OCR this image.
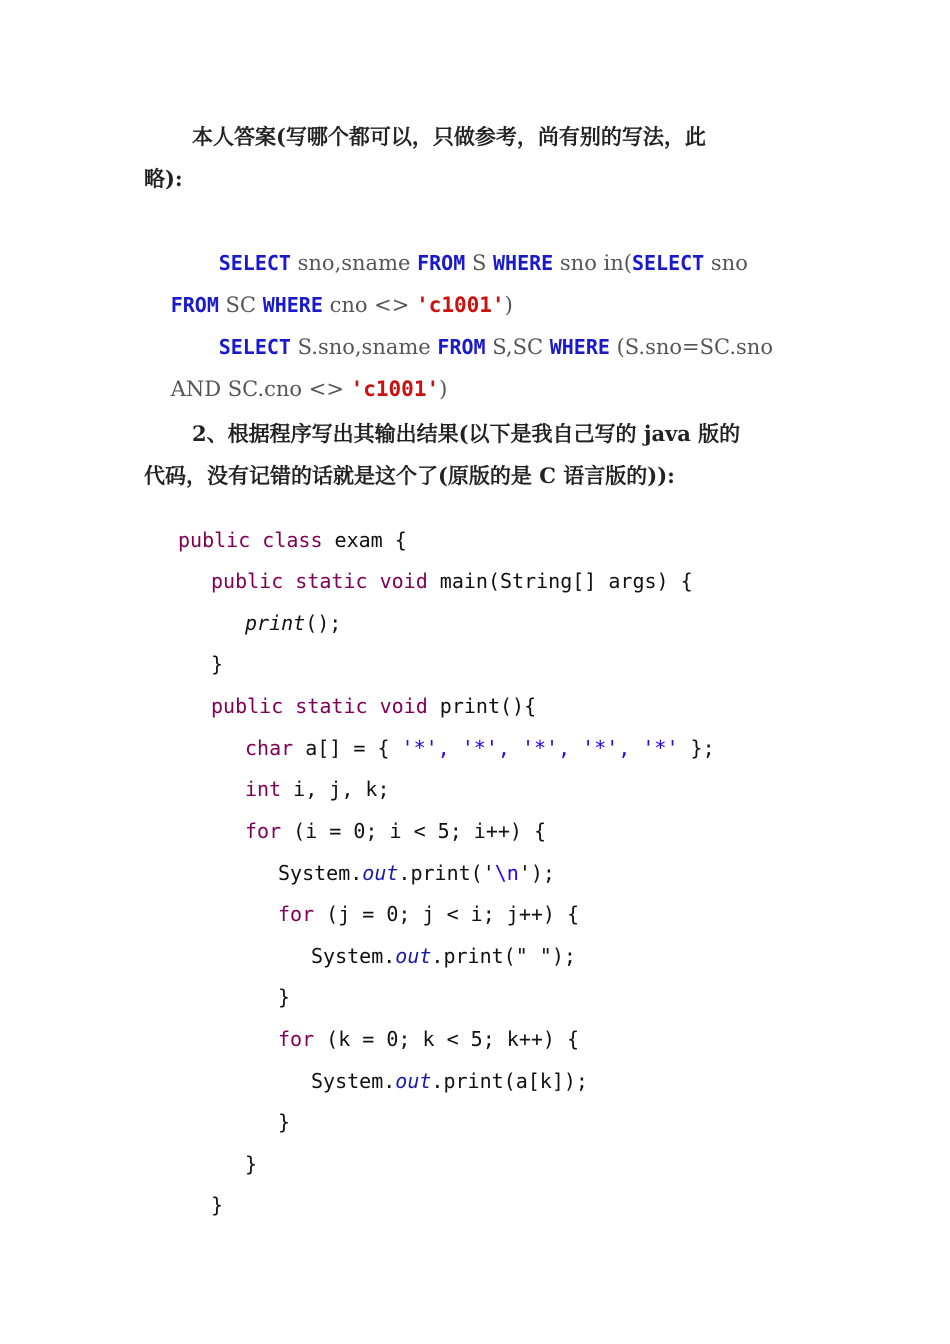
本人答案(写哪个都可以，只做参考，尚有别的写法，此
略):

SELECT sno,sname FROM S WHERE sno in(SELECT sno

FROM SC WHERE cno <> 'c1001')

SELECT S.sno,sname FROM S,SC WHERE (S.sno=SC.sno

AND SC.cno <> 'c1001')

2、根据程序写出其输出结果(以下是我自己写的 java 版的
代码，没有记错的话就是这个了(原版的是 C 语言版的)):
public class exam {
public static void main(String[] args) {
print();
}
public static void print(){
char a[] = { '*', '*', '*', '*', '*' };
int i, j, k;
for (i = 0; i < 5; i++) {
System.out.print('\n');
for (j = 0; j < i; j++) {
System.out.print(" ");
}
for (k = 0; k < 5; k++) {
System.out.print(a[k]);
}
}
}
